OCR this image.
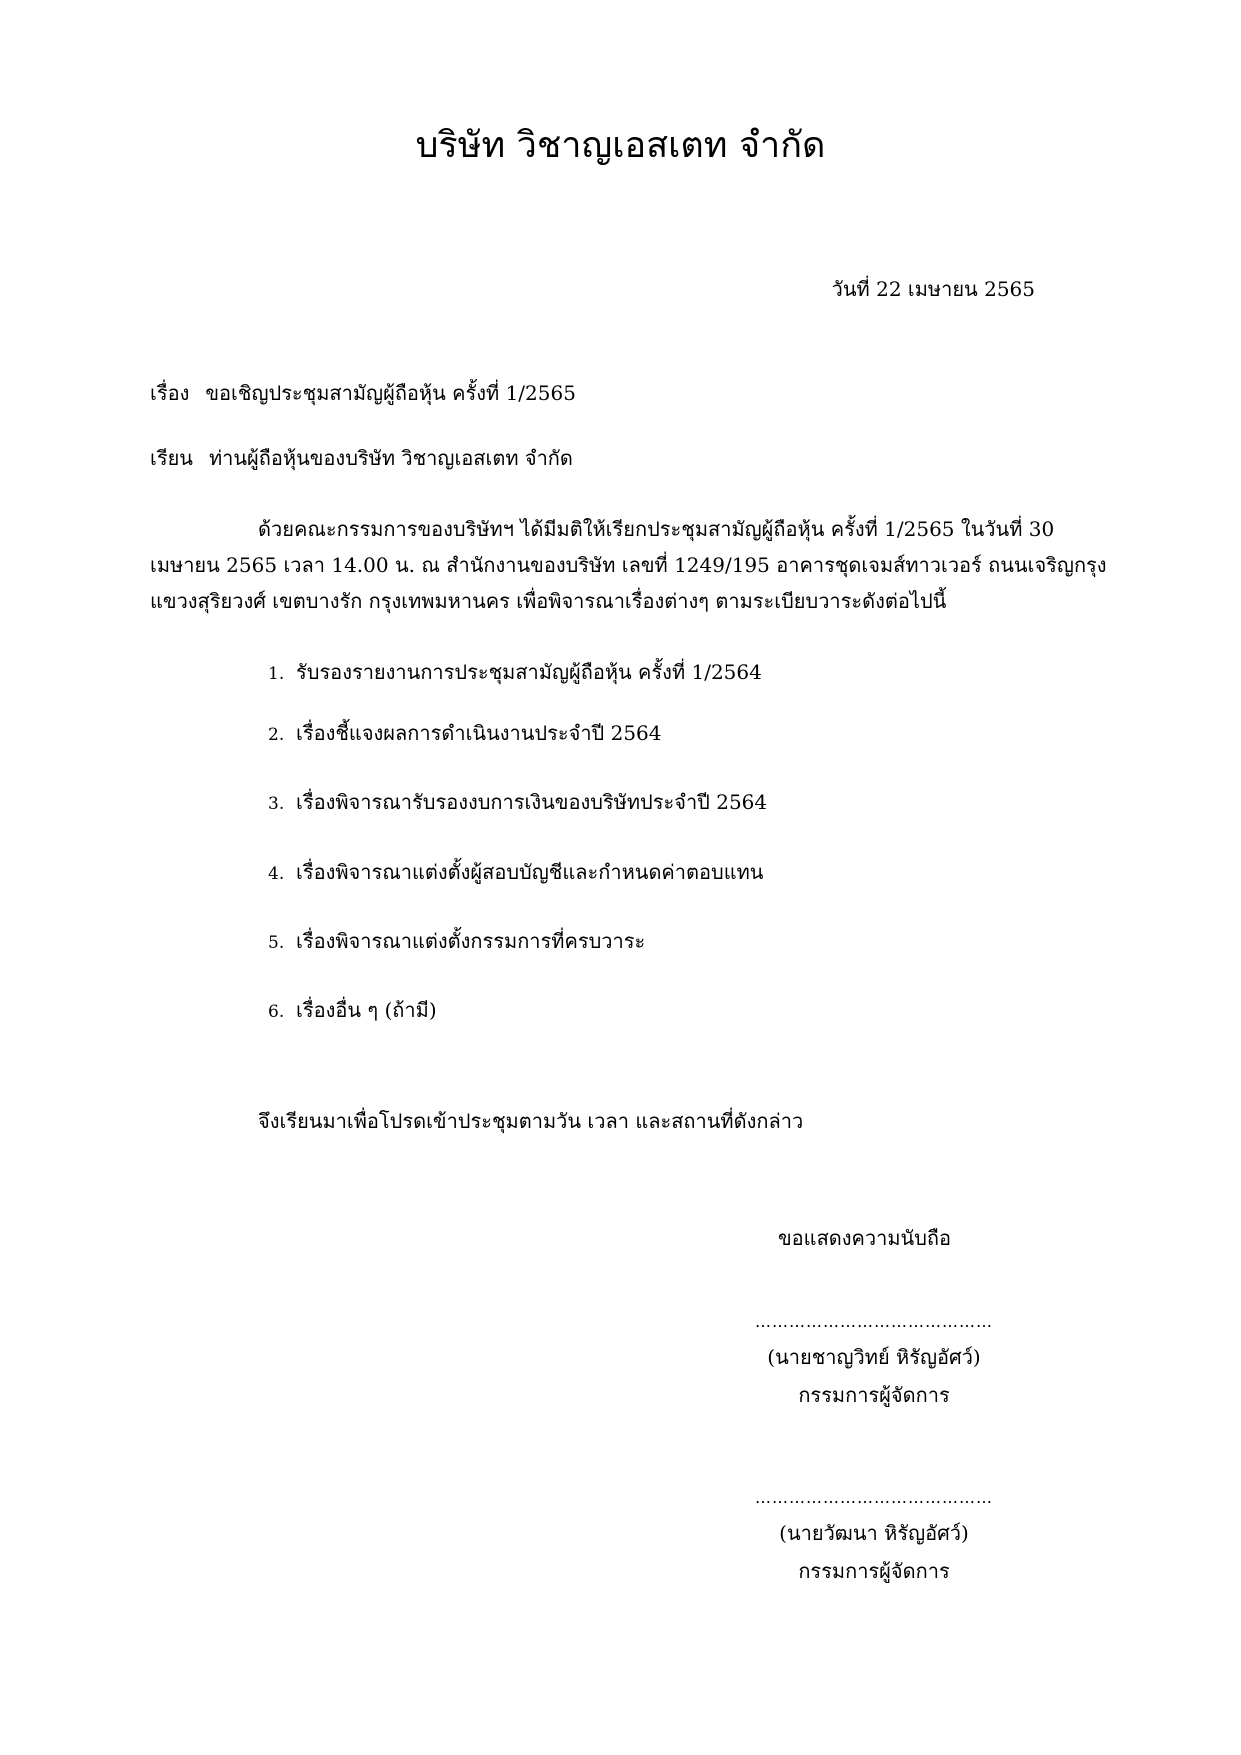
บริษัท วิชาญเอสเตท จำกัด
วันที่ 22 เมษายน 2565
เรื่อง ขอเชิญประชุมสามัญผู้ถือหุ้น ครั้งที่ 1/2565
เรียน ท่านผู้ถือหุ้นของบริษัท วิชาญเอสเตท จำกัด
ด้วยคณะกรรมการของบริษัทฯ ได้มีมติให้เรียกประชุมสามัญผู้ถือหุ้น ครั้งที่ 1/2565 ในวันที่ 30
เมษายน 2565 เวลา 14.00 น. ณ สำนักงานของบริษัท เลขที่ 1249/195 อาคารชุดเจมส์ทาวเวอร์ ถนนเจริญกรุง
แขวงสุริยวงศ์ เขตบางรัก กรุงเทพมหานคร เพื่อพิจารณาเรื่องต่างๆ ตามระเบียบวาระดังต่อไปนี้
1. รับรองรายงานการประชุมสามัญผู้ถือหุ้น ครั้งที่ 1/2564
2. เรื่องชี้แจงผลการดำเนินงานประจำปี 2564
3. เรื่องพิจารณารับรองงบการเงินของบริษัทประจำปี 2564
4. เรื่องพิจารณาแต่งตั้งผู้สอบบัญชีและกำหนดค่าตอบแทน
5. เรื่องพิจารณาแต่งตั้งกรรมการที่ครบวาระ
6. เรื่องอื่น ๆ (ถ้ามี)
จึงเรียนมาเพื่อโปรดเข้าประชุมตามวัน เวลา และสถานที่ดังกล่าว
ขอแสดงความนับถือ
……………………………………
(นายชาญวิทย์ หิรัญอัศว์)
กรรมการผู้จัดการ
……………………………………
(นายวัฒนา หิรัญอัศว์)
กรรมการผู้จัดการ
